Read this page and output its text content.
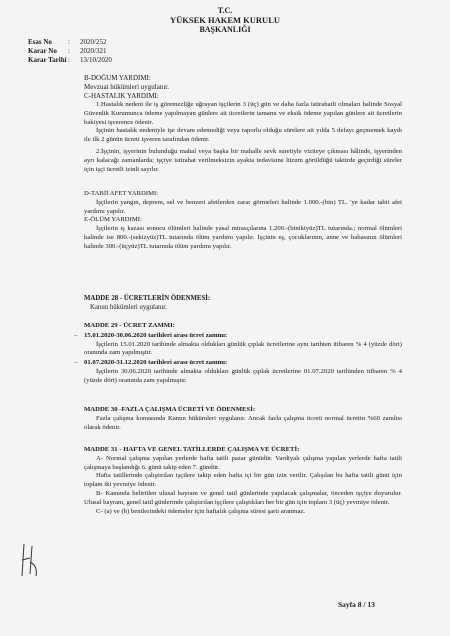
T.C.
YÜKSEK HAKEM KURULU
BAŞKANLIĞI
Esas No : 2020/252
Karar No : 2020/321
Karar Tarihi: 13/10/2020
B-DOĞUM YARDIMI:
Mevzuat hükümleri uygulanır.
C-HASTALIK YARDIMI:
1.Hastalık nedeni ile iş göremezliğe uğrayan işçilerin 3 (üç) gün ve daha fazla istirahatli olmaları halinde Sosyal Güvenlik Kurumunca ödeme yapılmayan günlere ait ücretlerin tamamı ve eksik ödeme yapılan günlere ait ücretlerin bakiyesi işverence ödenir.
İşçinin hastalık nedeniyle işe devam edemediği veya raporlu olduğu sürelere ait yılda 5 defayı geçmemek kaydı ile ilk 2 günün ücreti işveren tarafından ödenir.
2.İşçinin, işyerinin bulunduğu mahal veya başka bir mahalle sevk suretiyle viziteye çıkması hâlinde, işyerinden ayrı kalacağı zamanlarda; işçiye istirahat verilmeksizin ayakta tedavisine lüzum görüldüğü taktirde geçirdiği süreler için işçi ücretli izinli sayılır.
D-TABİİ AFET YARDIMI:
İşçilerin yangın, deprem, sel ve benzeri afetlerden zarar görmeleri halinde 1.000.-(bin) TL. 'ye kadar tabii afet yardımı yapılır.
E-ÖLÜM YARDIMI:
İşçilerin iş kazası sonucu ölümleri halinde yasal mirasçılarına 1.200.-(binikiyüz)TL tutarında.; normal ölümleri halinde ise 800.-(sekizyüz)TL tutarında ölüm yardımı yapılır. İşçinin eş, çocuklarının, anne ve babasının ölümleri halinde 300.-(üçyüz)TL tutarında ölüm yardımı yapılır.
MADDE 28 - ÜCRETLERİN ÖDENMESİ:
Kanun hükümleri uygulanır.
MADDE 29 - ÜCRET ZAMMI:
– 15.01.2020-30.06.2020 tarihleri arası ücret zammı:
İşçilerin 15.01.2020 tarihinde almakta oldukları günlük çıplak ücretlerine aynı tarihten itibaren % 4 (yüzde dört) oranında zam yapılmıştır.
– 01.07.2020-31.12.2020 tarihleri arası ücret zammı:
İşçilerin 30.06.2020 tarihinde almakta oldukları günlük çıplak ücretlerine 01.07.2020 tarihinden itibaren % 4 (yüzde dört) oranında zam yapılmıştır.
MADDE 30 -FAZLA ÇALIŞMA ÜCRETİ VE ÖDENMESİ:
Fazla çalışma konusunda Kanun hükümleri uygulanır. Ancak fazla çalışma ücreti normal ücretin %60 zamlısı olarak ödenir.
MADDE 31 - HAFTA VE GENEL TATİLLERDE ÇALIŞMA VE ÜCRETİ:
A- Normal çalışma yapılan yerlerde hafta tatili pazar günüdür. Vardiyalı çalışma yapılan yerlerde hafta tatili çalışmaya başlandığı 6. günü takip eden 7. gündür.
Hafta tatillerinde çalıştırılan işçilere takip eden hafta içi bir gün izin verilir. Çalışılan bu hafta tatili günü için toplam iki yevmiye ödenir.
B- Kanunda belirtilen ulusal bayram ve genel tatil günlerinde yapılacak çalışmalar, önceden işçiye duyurulur. Ulusal bayram, genel tatil günlerinde çalıştırılan işçilere çalıştıkları her bir gün için toplam 3 (üç) yevmiye ödenir.
C- (a) ve (b) bentlerindeki ödemeler için haftalık çalışma süresi şartı aranmaz.
Sayfa 8 / 13
